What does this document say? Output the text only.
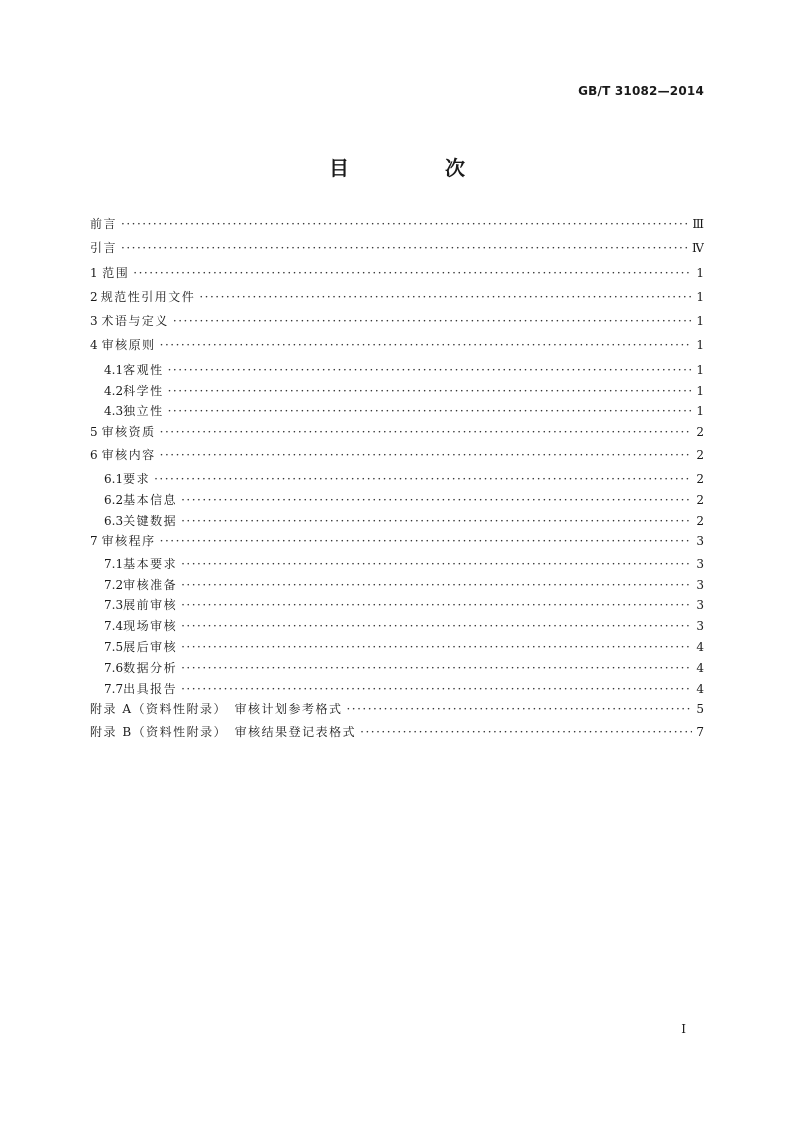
GB/T 31082—2014
目　次
前言 ·····	Ⅲ
引言 ·····	Ⅳ
1 范围 ·····	1
2 规范性引用文件 ·····	1
3 术语与定义 ·····	1
4 审核原则 ·····	1
4.1 客观性 ·····	1
4.2 科学性 ·····	1
4.3 独立性 ·····	1
5 审核资质 ·····	2
6 审核内容 ·····	2
6.1 要求 ·····	2
6.2 基本信息 ·····	2
6.3 关键数据 ·····	2
7 审核程序 ·····	3
7.1 基本要求 ·····	3
7.2 审核准备 ·····	3
7.3 展前审核 ·····	3
7.4 现场审核 ·····	3
7.5 展后审核 ·····	4
7.6 数据分析 ·····	4
7.7 出具报告 ·····	4
附录 A（资料性附录）　审核计划参考格式 ·····	5
附录 B（资料性附录）　审核结果登记表格式 ·····	7
I
